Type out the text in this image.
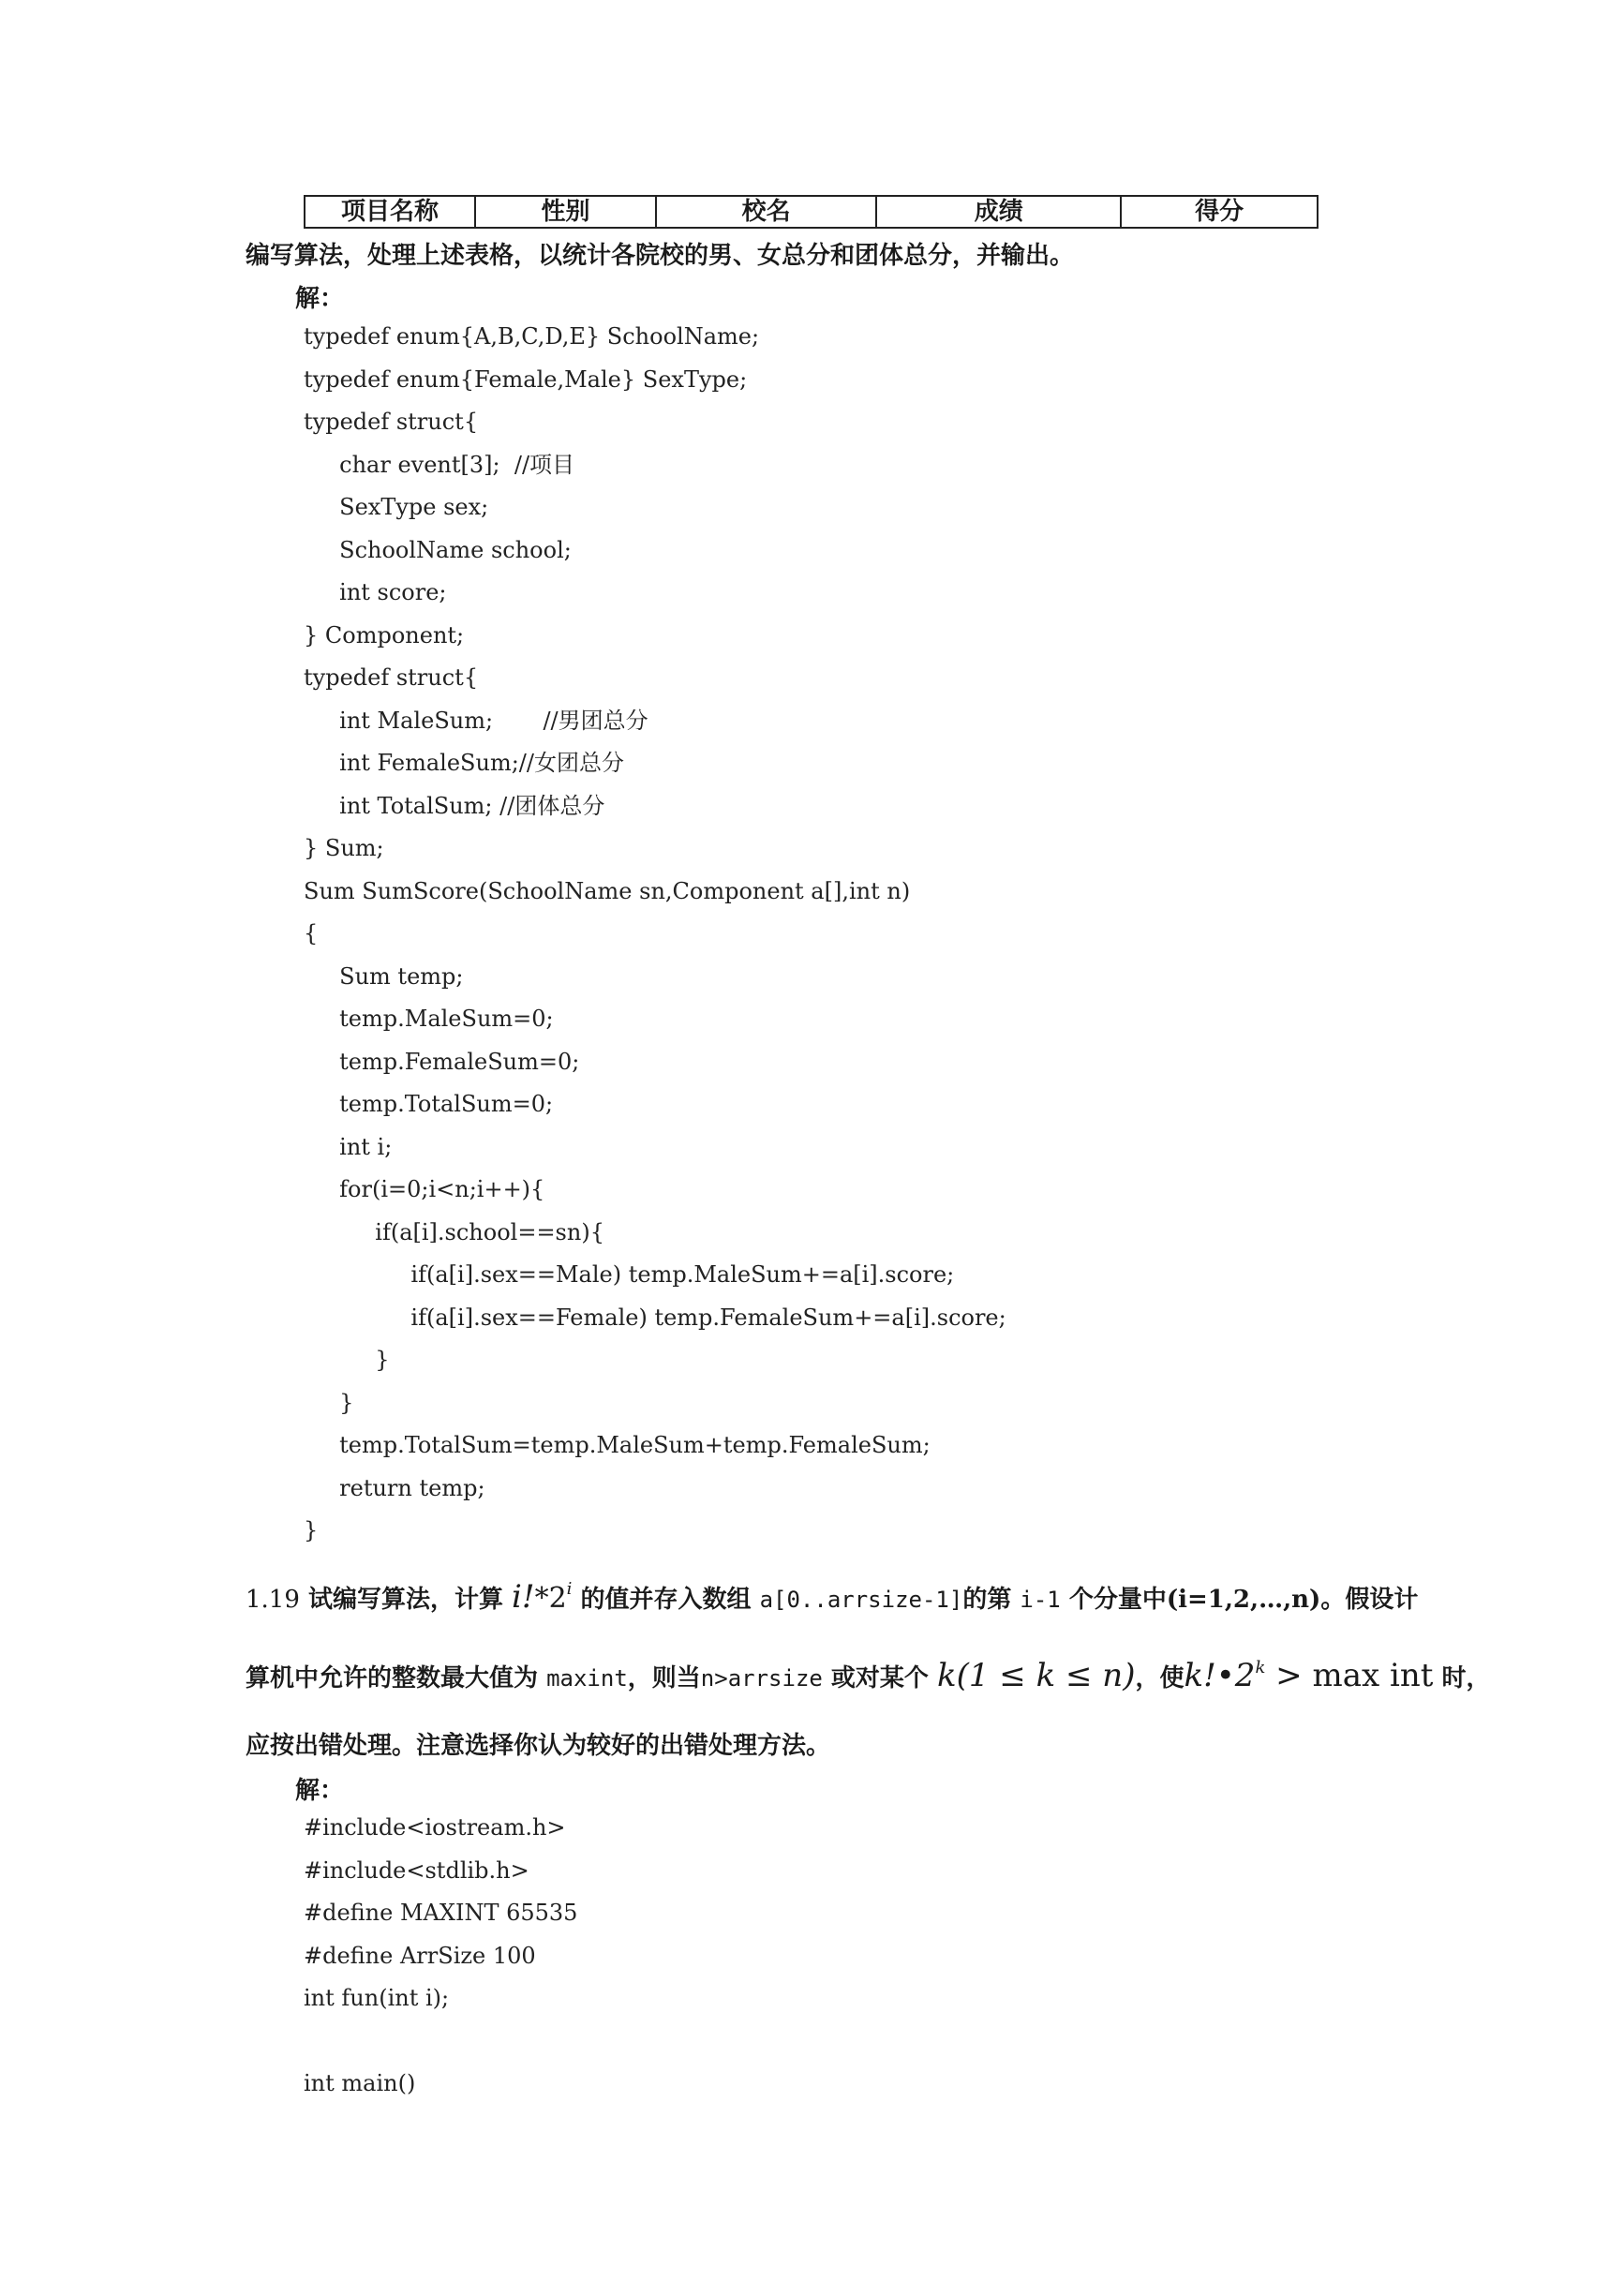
项目名称	性别	校名	成绩	得分
编写算法，处理上述表格，以统计各院校的男、女总分和团体总分，并输出。
解：
typedef enum{A,B,C,D,E} SchoolName;
typedef enum{Female,Male} SexType;
typedef struct{
char event[3];  //项目
SexType sex;
SchoolName school;
int score;
} Component;
typedef struct{
int MaleSum;       //男团总分
int FemaleSum;//女团总分
int TotalSum; //团体总分
} Sum;
Sum SumScore(SchoolName sn,Component a[],int n)
{
Sum temp;
temp.MaleSum=0;
temp.FemaleSum=0;
temp.TotalSum=0;
int i;
for(i=0;i<n;i++){
if(a[i].school==sn){
if(a[i].sex==Male) temp.MaleSum+=a[i].score;
if(a[i].sex==Female) temp.FemaleSum+=a[i].score;
}
}
temp.TotalSum=temp.MaleSum+temp.FemaleSum;
return temp;
}
1.19 试编写算法，计算 i!*2$^i$ 的值并存入数组 a[0..arrsize-1]的第 i-1 个分量中(i=1,2,…,n)。假设计
算机中允许的整数最大值为 maxint，则当n>arrsize 或对某个 k(1 ≤ k ≤ n)，使$k!•2^k > \max$ int 时，
应按出错处理。注意选择你认为较好的出错处理方法。
解：
#include<iostream.h>
#include<stdlib.h>
#define MAXINT 65535
#define ArrSize 100
int fun(int i);

int main()
